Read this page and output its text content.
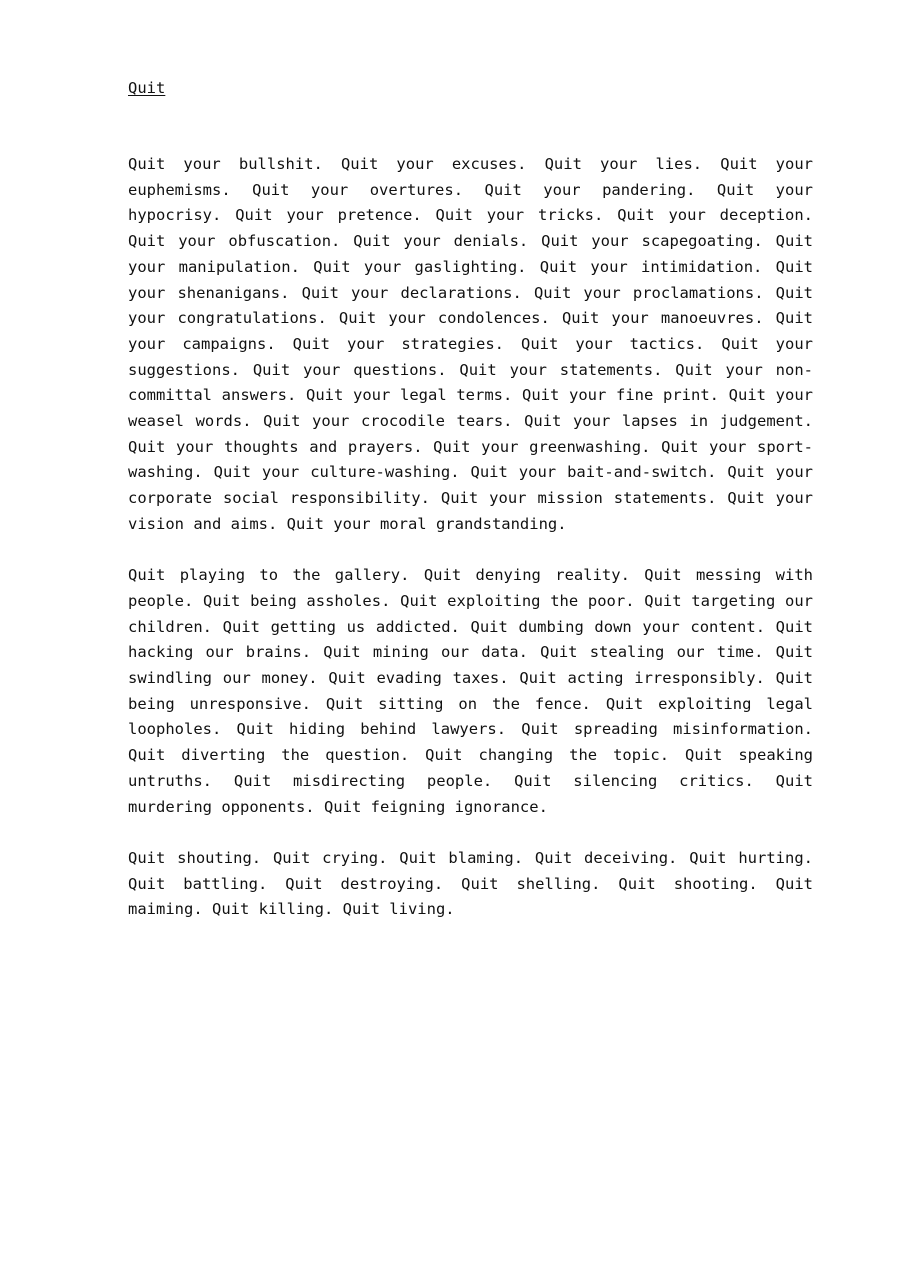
Quit

Quit your bullshit. Quit your excuses. Quit your lies. Quit your euphemisms. Quit your overtures. Quit your pandering. Quit your hypocrisy. Quit your pretence. Quit your tricks. Quit your deception. Quit your obfuscation. Quit your denials. Quit your scapegoating. Quit your manipulation. Quit your gaslighting. Quit your intimidation. Quit your shenanigans. Quit your declarations. Quit your proclamations. Quit your congratulations. Quit your condolences. Quit your manoeuvres. Quit your campaigns. Quit your strategies. Quit your tactics. Quit your suggestions. Quit your questions. Quit your statements. Quit your non-committal answers. Quit your legal terms. Quit your fine print. Quit your weasel words. Quit your crocodile tears. Quit your lapses in judgement. Quit your thoughts and prayers. Quit your greenwashing. Quit your sport-washing. Quit your culture-washing. Quit your bait-and-switch. Quit your corporate social responsibility. Quit your mission statements. Quit your vision and aims. Quit your moral grandstanding.

Quit playing to the gallery. Quit denying reality. Quit messing with people. Quit being assholes. Quit exploiting the poor. Quit targeting our children. Quit getting us addicted. Quit dumbing down your content. Quit hacking our brains. Quit mining our data. Quit stealing our time. Quit swindling our money. Quit evading taxes. Quit acting irresponsibly. Quit being unresponsive. Quit sitting on the fence. Quit exploiting legal loopholes. Quit hiding behind lawyers. Quit spreading misinformation. Quit diverting the question. Quit changing the topic. Quit speaking untruths. Quit misdirecting people. Quit silencing critics. Quit murdering opponents. Quit feigning ignorance.

Quit shouting. Quit crying. Quit blaming. Quit deceiving. Quit hurting. Quit battling. Quit destroying. Quit shelling. Quit shooting. Quit maiming. Quit killing. Quit living.
